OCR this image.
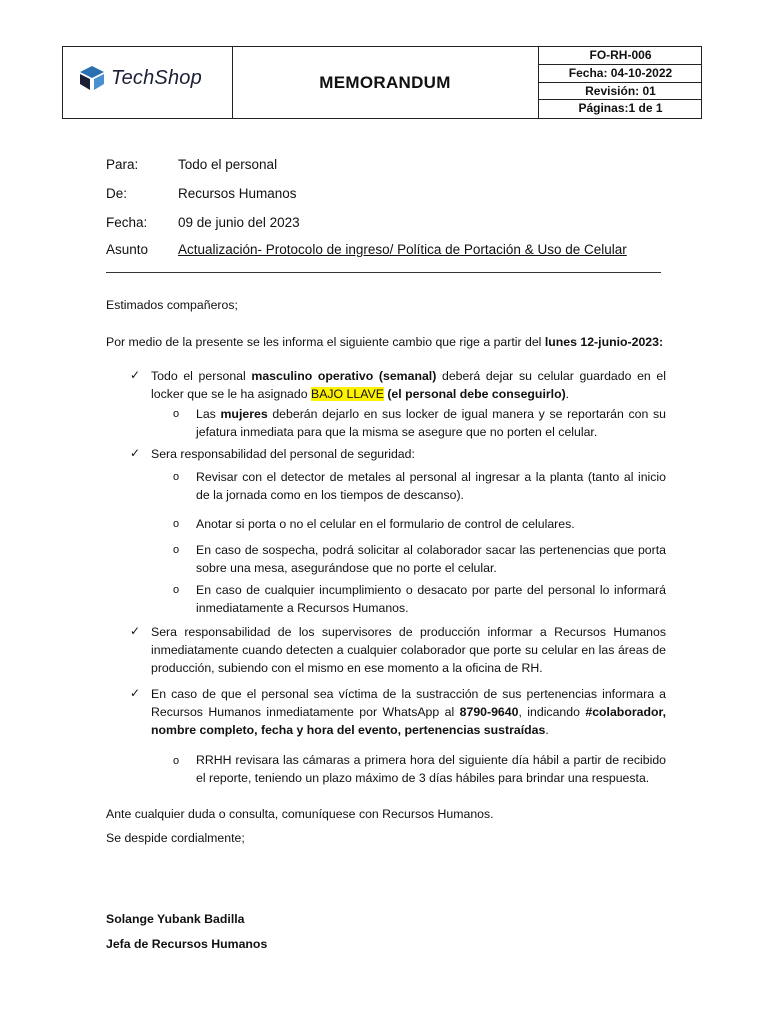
TechShop	MEMORANDUM
FO-RH-006
Fecha: 04-10-2022
Revisión: 01
Páginas:1 de 1
Para:	Todo el personal
De:	Recursos Humanos
Fecha:	09 de junio del 2023
Asunto	Actualización- Protocolo de ingreso/ Política de Portación & Uso de Celular
Estimados compañeros;
Por medio de la presente se les informa el siguiente cambio que rige a partir del lunes 12-junio-2023:
✓ Todo el personal masculino operativo (semanal) deberá dejar su celular guardado en el locker que se le ha asignado BAJO LLAVE (el personal debe conseguirlo).
o Las mujeres deberán dejarlo en sus locker de igual manera y se reportarán con su jefatura inmediata para que la misma se asegure que no porten el celular.
✓ Sera responsabilidad del personal de seguridad:
o Revisar con el detector de metales al personal al ingresar a la planta (tanto al inicio de la jornada como en los tiempos de descanso).
o Anotar si porta o no el celular en el formulario de control de celulares.
o En caso de sospecha, podrá solicitar al colaborador sacar las pertenencias que porta sobre una mesa, asegurándose que no porte el celular.
o En caso de cualquier incumplimiento o desacato por parte del personal lo informará inmediatamente a Recursos Humanos.
✓ Sera responsabilidad de los supervisores de producción informar a Recursos Humanos inmediatamente cuando detecten a cualquier colaborador que porte su celular en las áreas de producción, subiendo con el mismo en ese momento a la oficina de RH.
✓ En caso de que el personal sea víctima de la sustracción de sus pertenencias informara a Recursos Humanos inmediatamente por WhatsApp al 8790-9640, indicando #colaborador, nombre completo, fecha y hora del evento, pertenencias sustraídas.
o RRHH revisara las cámaras a primera hora del siguiente día hábil a partir de recibido el reporte, teniendo un plazo máximo de 3 días hábiles para brindar una respuesta.
Ante cualquier duda o consulta, comuníquese con Recursos Humanos.
Se despide cordialmente;
Solange Yubank Badilla
Jefa de Recursos Humanos
